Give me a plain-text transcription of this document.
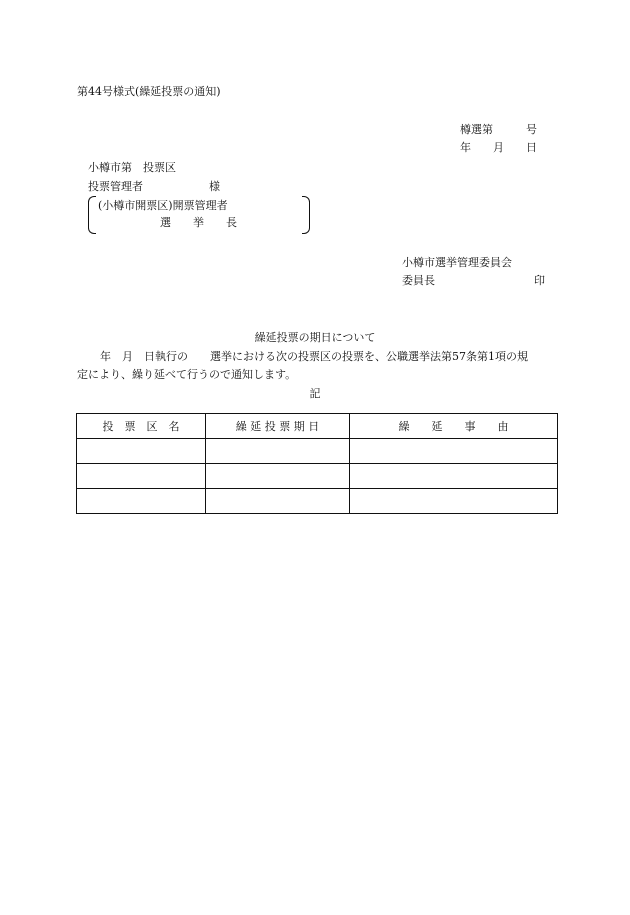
第44号様式(繰延投票の通知)
樽選第　　　号
年　　月　　日
小樽市第　投票区
投票管理者　　　　　　様
(小樽市開票区)開票管理者
選　　挙　　長
小樽市選挙管理委員会
委員長　　　　　　　　　印
繰延投票の期日について
年　月　日執行の　　選挙における次の投票区の投票を、公職選挙法第57条第1項の規
定により、繰り延べて行うので通知します。
記
投　票　区　名	繰 延 投 票 期 日	繰　　延　　事　　由
